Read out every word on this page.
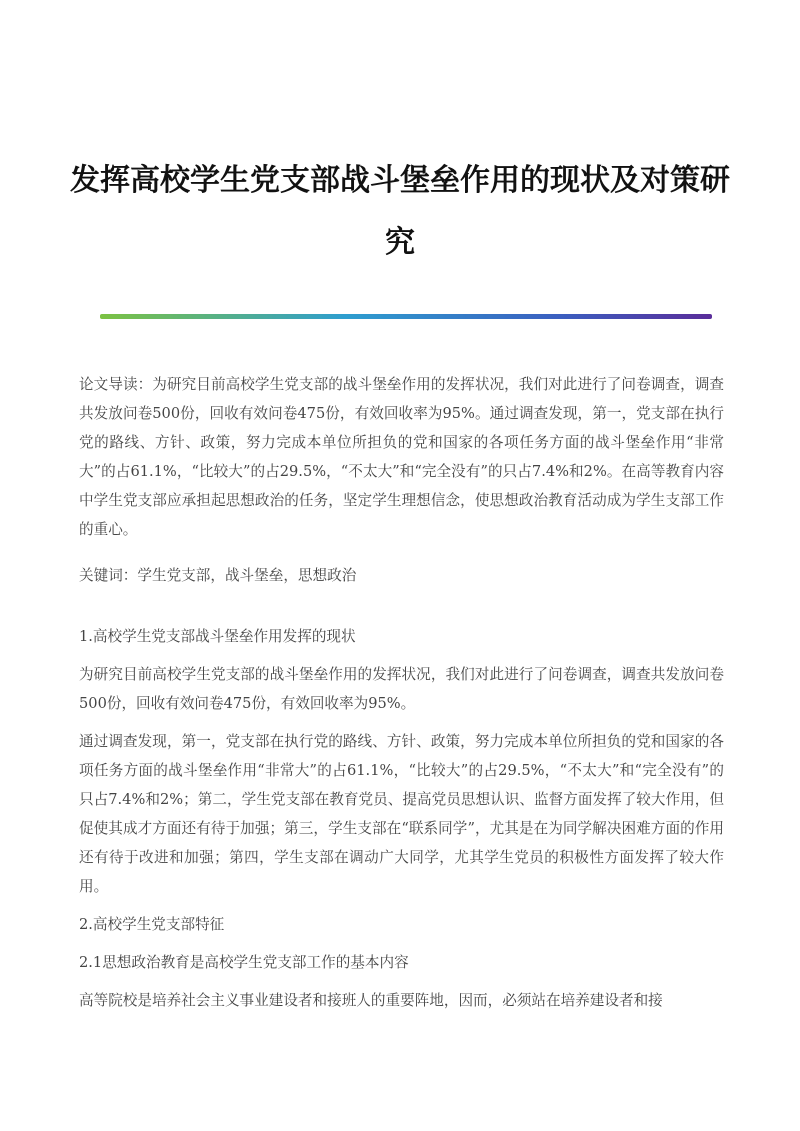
发挥高校学生党支部战斗堡垒作用的现状及对策研究

论文导读：为研究目前高校学生党支部的战斗堡垒作用的发挥状况，我们对此进行了问卷调查，调查共发放问卷500份，回收有效问卷475份，有效回收率为95%。通过调查发现，第一，党支部在执行党的路线、方针、政策，努力完成本单位所担负的党和国家的各项任务方面的战斗堡垒作用“非常大”的占61.1%，“比较大”的占29.5%，“不太大”和“完全没有”的只占7.4%和2%。在高等教育内容中学生党支部应承担起思想政治的任务，坚定学生理想信念，使思想政治教育活动成为学生支部工作的重心。

关键词：学生党支部，战斗堡垒，思想政治

1.高校学生党支部战斗堡垒作用发挥的现状

为研究目前高校学生党支部的战斗堡垒作用的发挥状况，我们对此进行了问卷调查，调查共发放问卷500份，回收有效问卷475份，有效回收率为95%。

通过调查发现，第一，党支部在执行党的路线、方针、政策，努力完成本单位所担负的党和国家的各项任务方面的战斗堡垒作用“非常大”的占61.1%，“比较大”的占29.5%，“不太大”和“完全没有”的只占7.4%和2%；第二，学生党支部在教育党员、提高党员思想认识、监督方面发挥了较大作用，但促使其成才方面还有待于加强；第三，学生支部在“联系同学”，尤其是在为同学解决困难方面的作用还有待于改进和加强；第四，学生支部在调动广大同学，尤其学生党员的积极性方面发挥了较大作用。

2.高校学生党支部特征

2.1思想政治教育是高校学生党支部工作的基本内容

高等院校是培养社会主义事业建设者和接班人的重要阵地，因而，必须站在培养建设者和接
